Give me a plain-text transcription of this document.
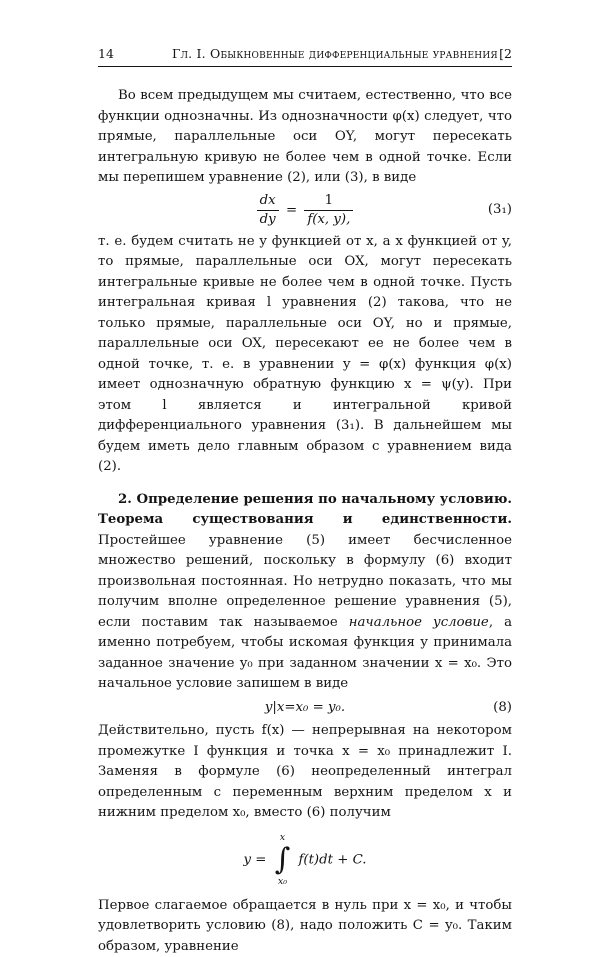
14	Гл. I. Обыкновенные дифференциальные уравнения [2

Во всем предыдущем мы считаем, естественно, что все функции однозначны. Из однозначности φ(x) следует, что прямые, параллельные оси OY, могут пересекать интегральную кривую не более чем в одной точке. Если мы перепишем уравнение (2), или (3), в виде

$\frac{dx}{dy} = \frac{1}{f(x, y),}$	(3₁)

т. е. будем считать не y функцией от x, а x функцией от y, то прямые, параллельные оси OX, могут пересекать интегральные кривые не более чем в одной точке. Пусть интегральная кривая l уравнения (2) такова, что не только прямые, параллельные оси OY, но и прямые, параллельные оси OX, пересекают ее не более чем в одной точке, т. е. в уравнении y = φ(x) функция φ(x) имеет однозначную обратную функцию x = ψ(y). При этом l является и интегральной кривой дифференциального уравнения (3₁). В дальнейшем мы будем иметь дело главным образом с уравнением вида (2).

2. Определение решения по начальному условию. Теорема существования и единственности. Простейшее уравнение (5) имеет бесчисленное множество решений, поскольку в формулу (6) входит произвольная постоянная. Но нетрудно показать, что мы получим вполне определенное решение уравнения (5), если поставим так называемое начальное условие, а именно потребуем, чтобы искомая функция y принимала заданное значение y₀ при заданном значении x = x₀. Это начальное условие запишем в виде

y|x=x₀ = y₀.	(8)

Действительно, пусть f(x) — непрерывная на некотором промежутке I функция и точка x = x₀ принадлежит I. Заменяя в формуле (6) неопределенный интеграл определенным с переменным верхним пределом x и нижним пределом x₀, вместо (6) получим

y =
x
∫
x₀
f(t)dt + C.

Первое слагаемое обращается в нуль при x = x₀, и чтобы удовлетворить условию (8), надо положить C = y₀. Таким образом, уравнение
